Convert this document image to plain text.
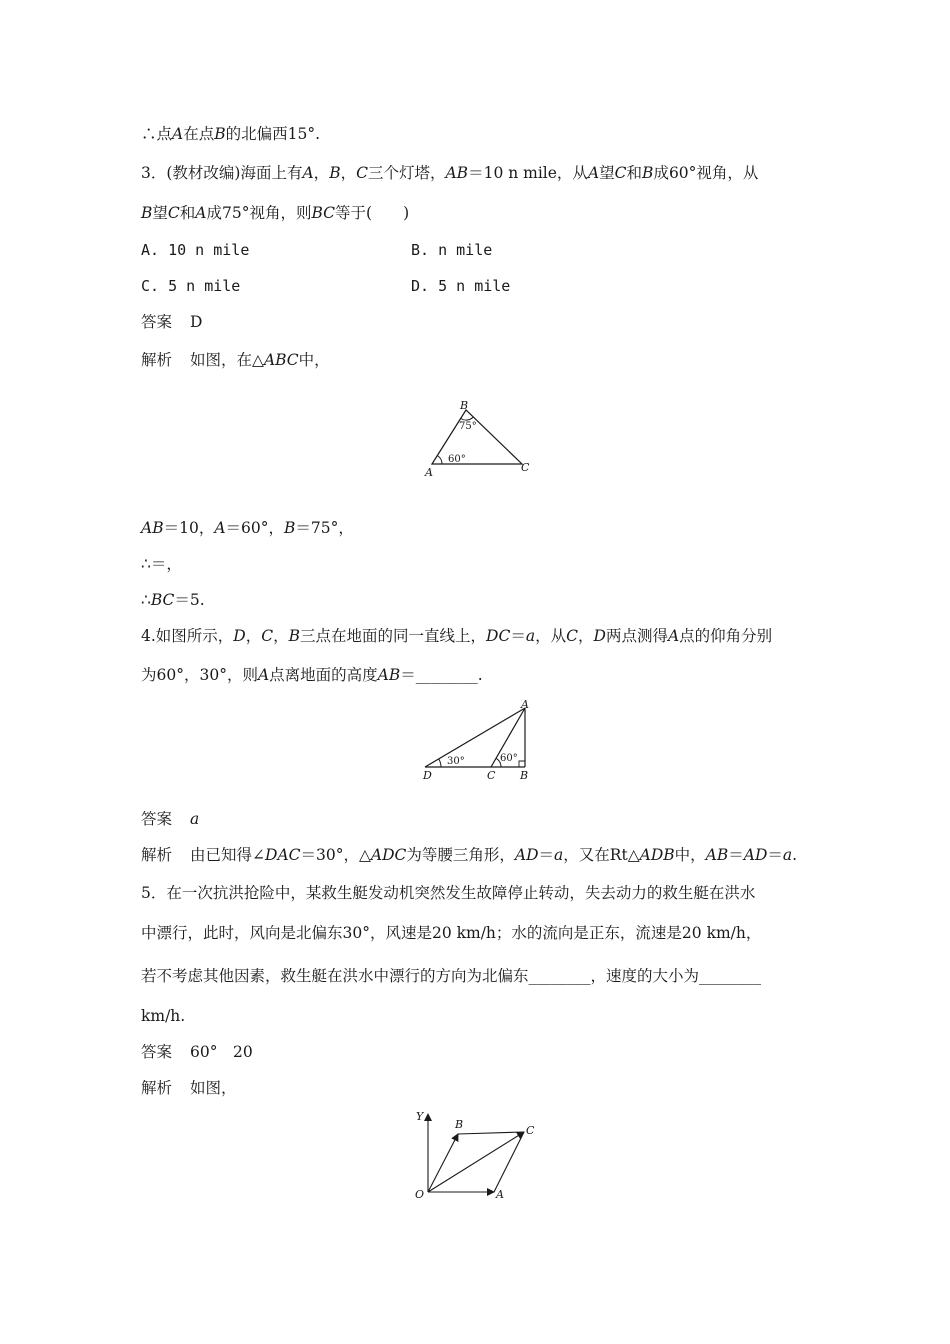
∴点A在点B的北偏西15°.
3．(教材改编)海面上有A，B，C三个灯塔，AB＝10 n mile，从A望C和B成60°视角，从
B望C和A成75°视角，则BC等于(　　)
A. 10 n mile	B. n mile
C. 5 n mile	D. 5 n mile
答案 D
解析 如图，在△ABC中，
B
A	C
75°
60°
AB＝10，A＝60°，B＝75°，
∴＝，
∴BC＝5.
4.如图所示，D，C，B三点在地面的同一直线上，DC＝a，从C，D两点测得A点的仰角分别
为60°，30°，则A点离地面的高度AB＝________.
A
D	C B
30°	60°
答案 a
解析 由已知得∠DAC＝30°，△ADC为等腰三角形，AD＝a，又在Rt△ADB中，AB＝AD＝a.
5．在一次抗洪抢险中，某救生艇发动机突然发生故障停止转动，失去动力的救生艇在洪水
中漂行，此时，风向是北偏东30°，风速是20 km/h；水的流向是正东，流速是20 km/h，
若不考虑其他因素，救生艇在洪水中漂行的方向为北偏东________，速度的大小为________
km/h.
答案 60°　20
解析 如图，
Y
B	C
O	A
